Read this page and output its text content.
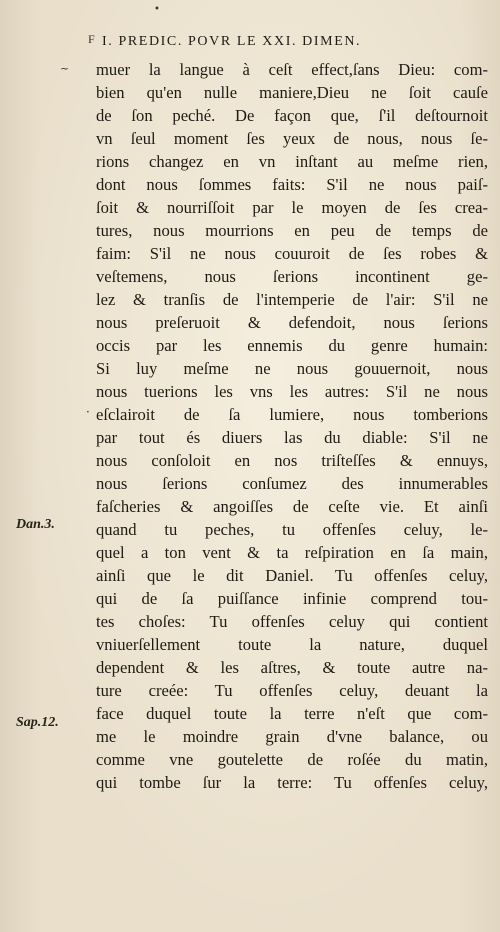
•
F I. PREDIC. POVR LE XXI. DIMEN.
~ muer la langue à ceſt effect,ſans Dieu: com-
bien qu'en nulle maniere,Dieu ne ſoit cauſe
de ſon peché. De façon que, ſ'il deſtournoit
vn ſeul moment ſes yeux de nous, nous ſe-
rions changez en vn inſtant au meſme rien,
dont nous ſommes faits: S'il ne nous paiſ-
ſoit & nourriſſoit par le moyen de ſes crea-
tures, nous mourrions en peu de temps de
faim: S'il ne nous couuroit de ſes robes &
veſtemens, nous ſerions incontinent ge-
lez & tranſis de l'intemperie de l'air: S'il ne
nous preſeruoit & defendoit, nous ſerions
occis par les ennemis du genre humain:
Si luy meſme ne nous gouuernoit, nous
nous tuerions les vns les autres: S'il ne nous
eſclairoit de ſa lumiere, nous tomberions
par tout és diuers las du diable: S'il ne
nous conſoloit en nos triſteſſes & ennuys,
nous ſerions conſumez des innumerables
faſcheries & angoiſſes de ceſte vie. Et ainſi
quand tu peches, tu offenſes celuy, le-
quel a ton vent & ta reſpiration en ſa main,
ainſi que le dit Daniel. Tu offenſes celuy,
qui de ſa puiſſance infinie comprend tou-
tes choſes: Tu offenſes celuy qui contient
vniuerſellement toute la nature, duquel
dependent & les aſtres, & toute autre na-
ture creée: Tu offenſes celuy, deuant la
face duquel toute la terre n'eſt que com-
me le moindre grain d'vne balance, ou
comme vne goutelette de roſée du matin,
qui tombe ſur la terre: Tu offenſes celuy,
·
Dan.3.
Sap.12.
